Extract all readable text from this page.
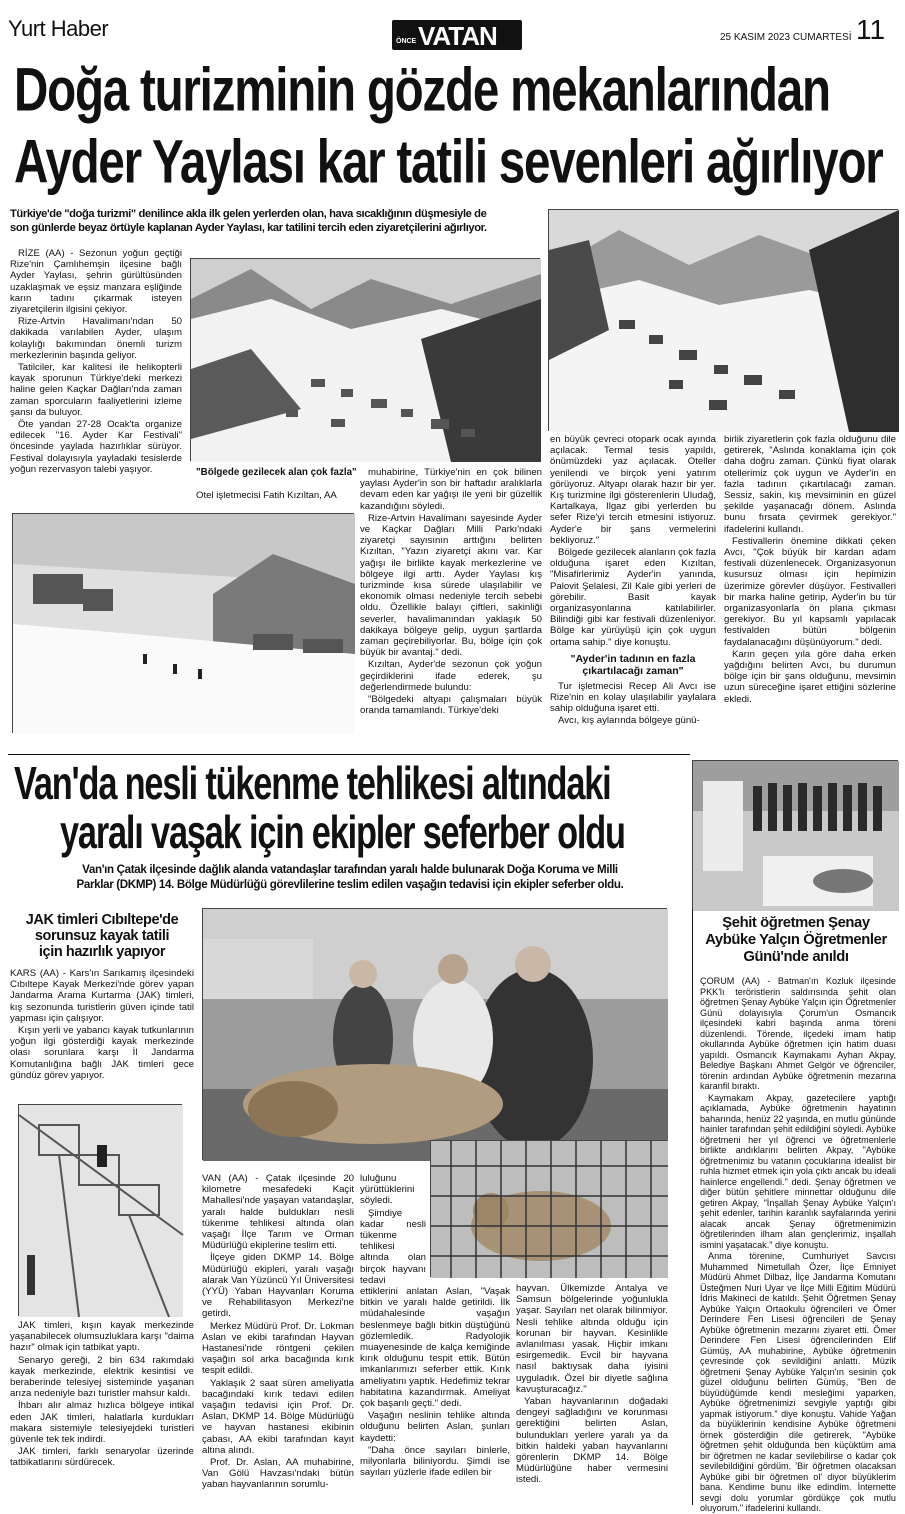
Yurt Haber
ÖNCE VATAN	25 KASIM 2023 CUMARTESİ 11
Doğa turizminin gözde mekanlarından
Ayder Yaylası kar tatili sevenleri ağırlıyor
Türkiye'de "doğa turizmi" denilince akla ilk gelen yerlerden olan, hava sıcaklığının düşmesiyle de
son günlerde beyaz örtüyle kaplanan Ayder Yaylası, kar tatilini tercih eden ziyaretçilerini ağırlıyor.
"Bölgede gezilecek alan çok fazla"
Otel işletmecisi Fatih Kızıltan, AA

RİZE (AA) - Sezonun yoğun geçtiği Rize'nin Çamlıhemşin ilçesine bağlı Ayder Yaylası, şehrin gürültüsünden uzaklaşmak ve eşsiz manzara eşliğinde karın tadını çıkarmak isteyen ziyaretçilerin ilgisini çekiyor.

Rize-Artvin Havalimanı'ndan 50 dakikada varılabilen Ayder, ulaşım kolaylığı bakımından önemli turizm merkezlerinin başında geliyor.

Tatilciler, kar kalitesi ile helikopterli kayak sporunun Türkiye'deki merkezi haline gelen Kaçkar Dağları'nda zaman zaman sporcuların faaliyetlerini izleme şansı da buluyor.

Öte yandan 27-28 Ocak'ta organize edilecek "16. Ayder Kar Festivali" öncesinde yaylada hazırlıklar sürüyor. Festival dolayısıyla yayladaki tesislerde yoğun rezervasyon talebi yaşıyor.	muhabirine, Türkiye'nin en çok bilinen yaylası Ayder'in son bir haftadır aralıklarla devam eden kar yağışı ile yeni bir güzellik kazandığını söyledi.

Rize-Artvin Havalimanı sayesinde Ayder ve Kaçkar Dağları Milli Parkı'ndaki ziyaretçi sayısının arttığını belirten Kızıltan, "Yazın ziyaretçi akını var. Kar yağışı ile birlikte kayak merkezlerine ve bölgeye ilgi arttı. Ayder Yaylası kış turizminde kısa sürede ulaşılabilir ve ekonomik olması nedeniyle tercih sebebi oldu. Özellikle balayı çiftleri, sakinliği severler, havalimanından yaklaşık 50 dakikaya bölgeye gelip, uygun şartlarda zaman geçirebiliyorlar. Bu, bölge için çok büyük bir avantaj." dedi.

Kızıltan, Ayder'de sezonun çok yoğun geçirdiklerini ifade ederek, şu değerlendirmede bulundu:

"Bölgedeki altyapı çalışmaları büyük oranda tamamlandı. Türkiye'deki

en büyük çevreci otopark ocak ayında açılacak. Termal tesis yapıldı, önümüzdeki yaz açılacak. Oteller yenilendi ve birçok yeni yatırım görüyoruz. Altyapı olarak hazır bir yer. Kış turizmine ilgi gösterenlerin Uludağ, Kartalkaya, Ilgaz gibi yerlerden bu sefer Rize'yi tercih etmesini istiyoruz. Ayder'e bir şans vermelerini bekliyoruz."

Bölgede gezilecek alanların çok fazla olduğuna işaret eden Kızıltan, "Misafirlerimiz Ayder'in yanında, Palovit Şelalesi, Zil Kale gibi yerleri de görebilir. Basit kayak organizasyonlarına katılabilirler. Bilindiği gibi kar festivali düzenleniyor. Bölge kar yürüyüşü için çok uygun ortama sahip." diye konuştu.

"Ayder'in tadının en fazla çıkartılacağı zaman"

Tur işletmecisi Recep Ali Avcı ise Rize'nin en kolay ulaşılabilir yaylalara sahip olduğuna işaret etti.

Avcı, kış aylarında bölgeye günü-

birlik ziyaretlerin çok fazla olduğunu dile getirerek, "Aslında konaklama için çok daha doğru zaman. Çünkü fiyat olarak otellerimiz çok uygun ve Ayder'in en fazla tadının çıkartılacağı zaman. Sessiz, sakin, kış mevsiminin en güzel şekilde yaşanacağı dönem. Aslında bunu fırsata çevirmek gerekiyor." ifadelerini kullandı.

Festivallerin önemine dikkati çeken Avcı, "Çok büyük bir kardan adam festivali düzenlenecek. Organizasyonun kusursuz olması için hepimizin üzerimize görevler düşüyor. Festivalleri bir marka haline getirip, Ayder'in bu tür organizasyonlarla ön plana çıkması gerekiyor. Bu yıl kapsamlı yapılacak festivalden bütün bölgenin faydalanacağını düşünüyorum." dedi.

Karın geçen yıla göre daha erken yağdığını belirten Avcı, bu durumun bölge için bir şans olduğunu, mevsimin uzun süreceğine işaret ettiğini sözlerine ekledi.

Van'da nesli tükenme tehlikesi altındaki
yaralı vaşak için ekipler seferber oldu
Van'ın Çatak ilçesinde dağlık alanda vatandaşlar tarafından yaralı halde bulunarak Doğa Koruma ve Milli
Parklar (DKMP) 14. Bölge Müdürlüğü görevlilerine teslim edilen vaşağın tedavisi için ekipler seferber oldu.

VAN (AA) - Çatak ilçesinde 20 kilometre mesafedeki Kaçit Mahallesi'nde yaşayan vatandaşlar, yaralı halde buldukları nesli tükenme tehlikesi altında olan vaşağı İlçe Tarım ve Orman Müdürlüğü ekiplerine teslim etti.

İlçeye giden DKMP 14. Bölge Müdürlüğü ekipleri, yaralı vaşağı alarak Van Yüzüncü Yıl Üniversitesi (YYÜ) Yaban Hayvanları Koruma ve Rehabilitasyon Merkezi'ne getirdi.

Merkez Müdürü Prof. Dr. Lokman Aslan ve ekibi tarafından Hayvan Hastanesi'nde röntgeni çekilen vaşağın sol arka bacağında kırık tespit edildi.

Yaklaşık 2 saat süren ameliyatla bacağındaki kırık tedavi edilen vaşağın tedavisi için Prof. Dr. Aslan, DKMP 14. Bölge Müdürlüğü ve hayvan hastanesi ekibinin çabası, AA ekibi tarafından kayıt altına alındı.

Prof. Dr. Aslan, AA muhabirine, Van Gölü Havzası'ndaki bütün yaban hayvanlarının sorumlu-

luluğunu yürüttüklerini söyledi.

Şimdiye kadar nesli tükenme tehlikesi altında olan birçok hayvanı tedavi ettiklerini anlatan Aslan, "Vaşak bitkin ve yaralı halde getirildi. İlk müdahalesinde vaşağın beslenmeye bağlı bitkin düştüğünü gözlemledik. Radyolojik muayenesinde de kalça kemiğinde kırık olduğunu tespit ettik. Bütün imkanlarımızı seferber ettik. Kırık ameliyatını yaptık. Hedefimiz tekrar habitatına kazandırmak. Ameliyat çok başarılı geçti." dedi.

Vaşağın neslinin tehlike altında olduğunu belirten Aslan, şunları kaydetti:

"Daha önce sayıları binlerle, milyonlarla biliniyordu. Şimdi ise sayıları yüzlerle ifade edilen bir

hayvan. Ülkemizde Antalya ve Samsun bölgelerinde yoğunlukla yaşar. Sayıları net olarak bilinmiyor. Nesli tehlike altında olduğu için korunan bir hayvan. Kesinlikle avlanılması yasak. Hiçbir imkanı esirgemedik. Evcil bir hayvana nasıl baktıysak daha iyisini uyguladık. Özel bir diyetle sağlına kavuşturacağız."

Yaban hayvanlarının doğadaki dengeyi sağladığını ve korunması gerektiğini belirten Aslan, bulundukları yerlere yaralı ya da bitkin haldeki yaban hayvanlarını görenlerin DKMP 14. Bölge Müdürlüğüne haber vermesini istedi.

JAK timleri Cıbıltepe'de
sorunsuz kayak tatili
için hazırlık yapıyor

KARS (AA) - Kars'ın Sarıkamış ilçesindeki Cıbıltepe Kayak Merkezi'nde görev yapan Jandarma Arama Kurtarma (JAK) timleri, kış sezonunda turistlerin güven içinde tatil yapması için çalışıyor.

Kışın yerli ve yabancı kayak tutkunlarının yoğun ilgi gösterdiği kayak merkezinde olası sorunlara karşı İl Jandarma Komutanlığına bağlı JAK timleri gece gündüz görev yapıyor.

JAK timleri, kışın kayak merkezinde yaşanabilecek olumsuzluklara karşı "daima hazır" olmak için tatbikat yaptı.

Senaryo gereği, 2 bin 634 rakımdaki kayak merkezinde, elektrik kesintisi ve beraberinde telesiyej sisteminde yaşanan arıza nedeniyle bazı turistler mahsur kaldı.

İhbarı alır almaz hızlıca bölgeye intikal eden JAK timleri, halatlarla kurdukları makara sistemiyle telesiyejdeki turistleri güvenle tek tek indirdi.

JAK timleri, farklı senaryolar üzerinde tatbikatlarını sürdürecek.

Şehit öğretmen Şenay
Aybüke Yalçın Öğretmenler
Günü'nde anıldı

ÇORUM (AA) - Batman'ın Kozluk ilçesinde PKK'lı teröristlerin saldırısında şehit olan öğretmen Şenay Aybüke Yalçın için Öğretmenler Günü dolayısıyla Çorum'un Osmancık ilçesindeki kabri başında anma töreni düzenlendi. Törende, ilçedeki imam hatip okullarında Aybüke öğretmen için hatim duası yapıldı. Osmancık Kaymakamı Ayhan Akpay, Belediye Başkanı Ahmet Gelgör ve öğrenciler, törenin ardından Aybüke öğretmenin mezarına karanfil bıraktı.

Kaymakam Akpay, gazetecilere yaptığı açıklamada, Aybüke öğretmenin hayatının baharında, henüz 22 yaşında, en mutlu gününde hainler tarafından şehit edildiğini söyledi. Aybüke öğretmeni her yıl öğrenci ve öğretmenlerle birlikte andıklarını belirten Akpay, "Aybüke öğretmenimiz bu vatanın çocuklarına idealist bir ruhla hizmet etmek için yola çıktı ancak bu ideali hainlerce engellendi." dedi. Şenay öğretmen ve diğer bütün şehitlere minnettar olduğunu dile getiren Akpay, "İnşallah Şenay Aybüke Yalçın'ı şehit edenler, tarihin karanlık sayfalarında yerini alacak ancak Şenay öğretmenimizin öğretilerinden ilham alan gençlerimiz, inşallah ismini yaşatacak." diye konuştu.

Anma törenine, Cumhuriyet Savcısı Muhammed Nimetullah Özer, İlçe Emniyet Müdürü Ahmet Dilbaz, İlçe Jandarma Komutanı Üsteğmen Nuri Uyar ve İlçe Milli Eğitim Müdürü İdris Makineci de katıldı. Şehit Öğretmen Şenay Aybüke Yalçın Ortaokulu öğrencileri ve Ömer Derindere Fen Lisesi öğrencileri de Şenay Aybüke öğretmenin mezarını ziyaret etti. Ömer Derindere Fen Lisesi öğrencilerinden Elif Gümüş, AA muhabirine, Aybüke öğretmenin çevresinde çok sevildiğini anlattı. Müzik öğretmeni Şenay Aybüke Yalçın'ın sesinin çok güzel olduğunu belirten Gümüş, "Ben de büyüdüğümde kendi mesleğimi yaparken, Aybüke öğretmenimizi sevgiyle yaptığı gibi yapmak istiyorum." diye konuştu. Vahide Yağan da büyüklerinin kendisine Aybüke öğretmeni örnek gösterdiğin dile getirerek, "Aybüke öğretmen şehit olduğunda ben küçüktüm ama bir öğretmen ne kadar sevilebilirse o kadar çok sevilebildiğini gördüm. 'Bir öğretmen olacaksan Aybüke gibi bir öğretmen ol' diyor büyüklerim bana. Kendime bunu ilke edindim. İnternette sevgi dolu yorumlar gördükçe çok mutlu oluyorum." ifadelerini kullandı.
